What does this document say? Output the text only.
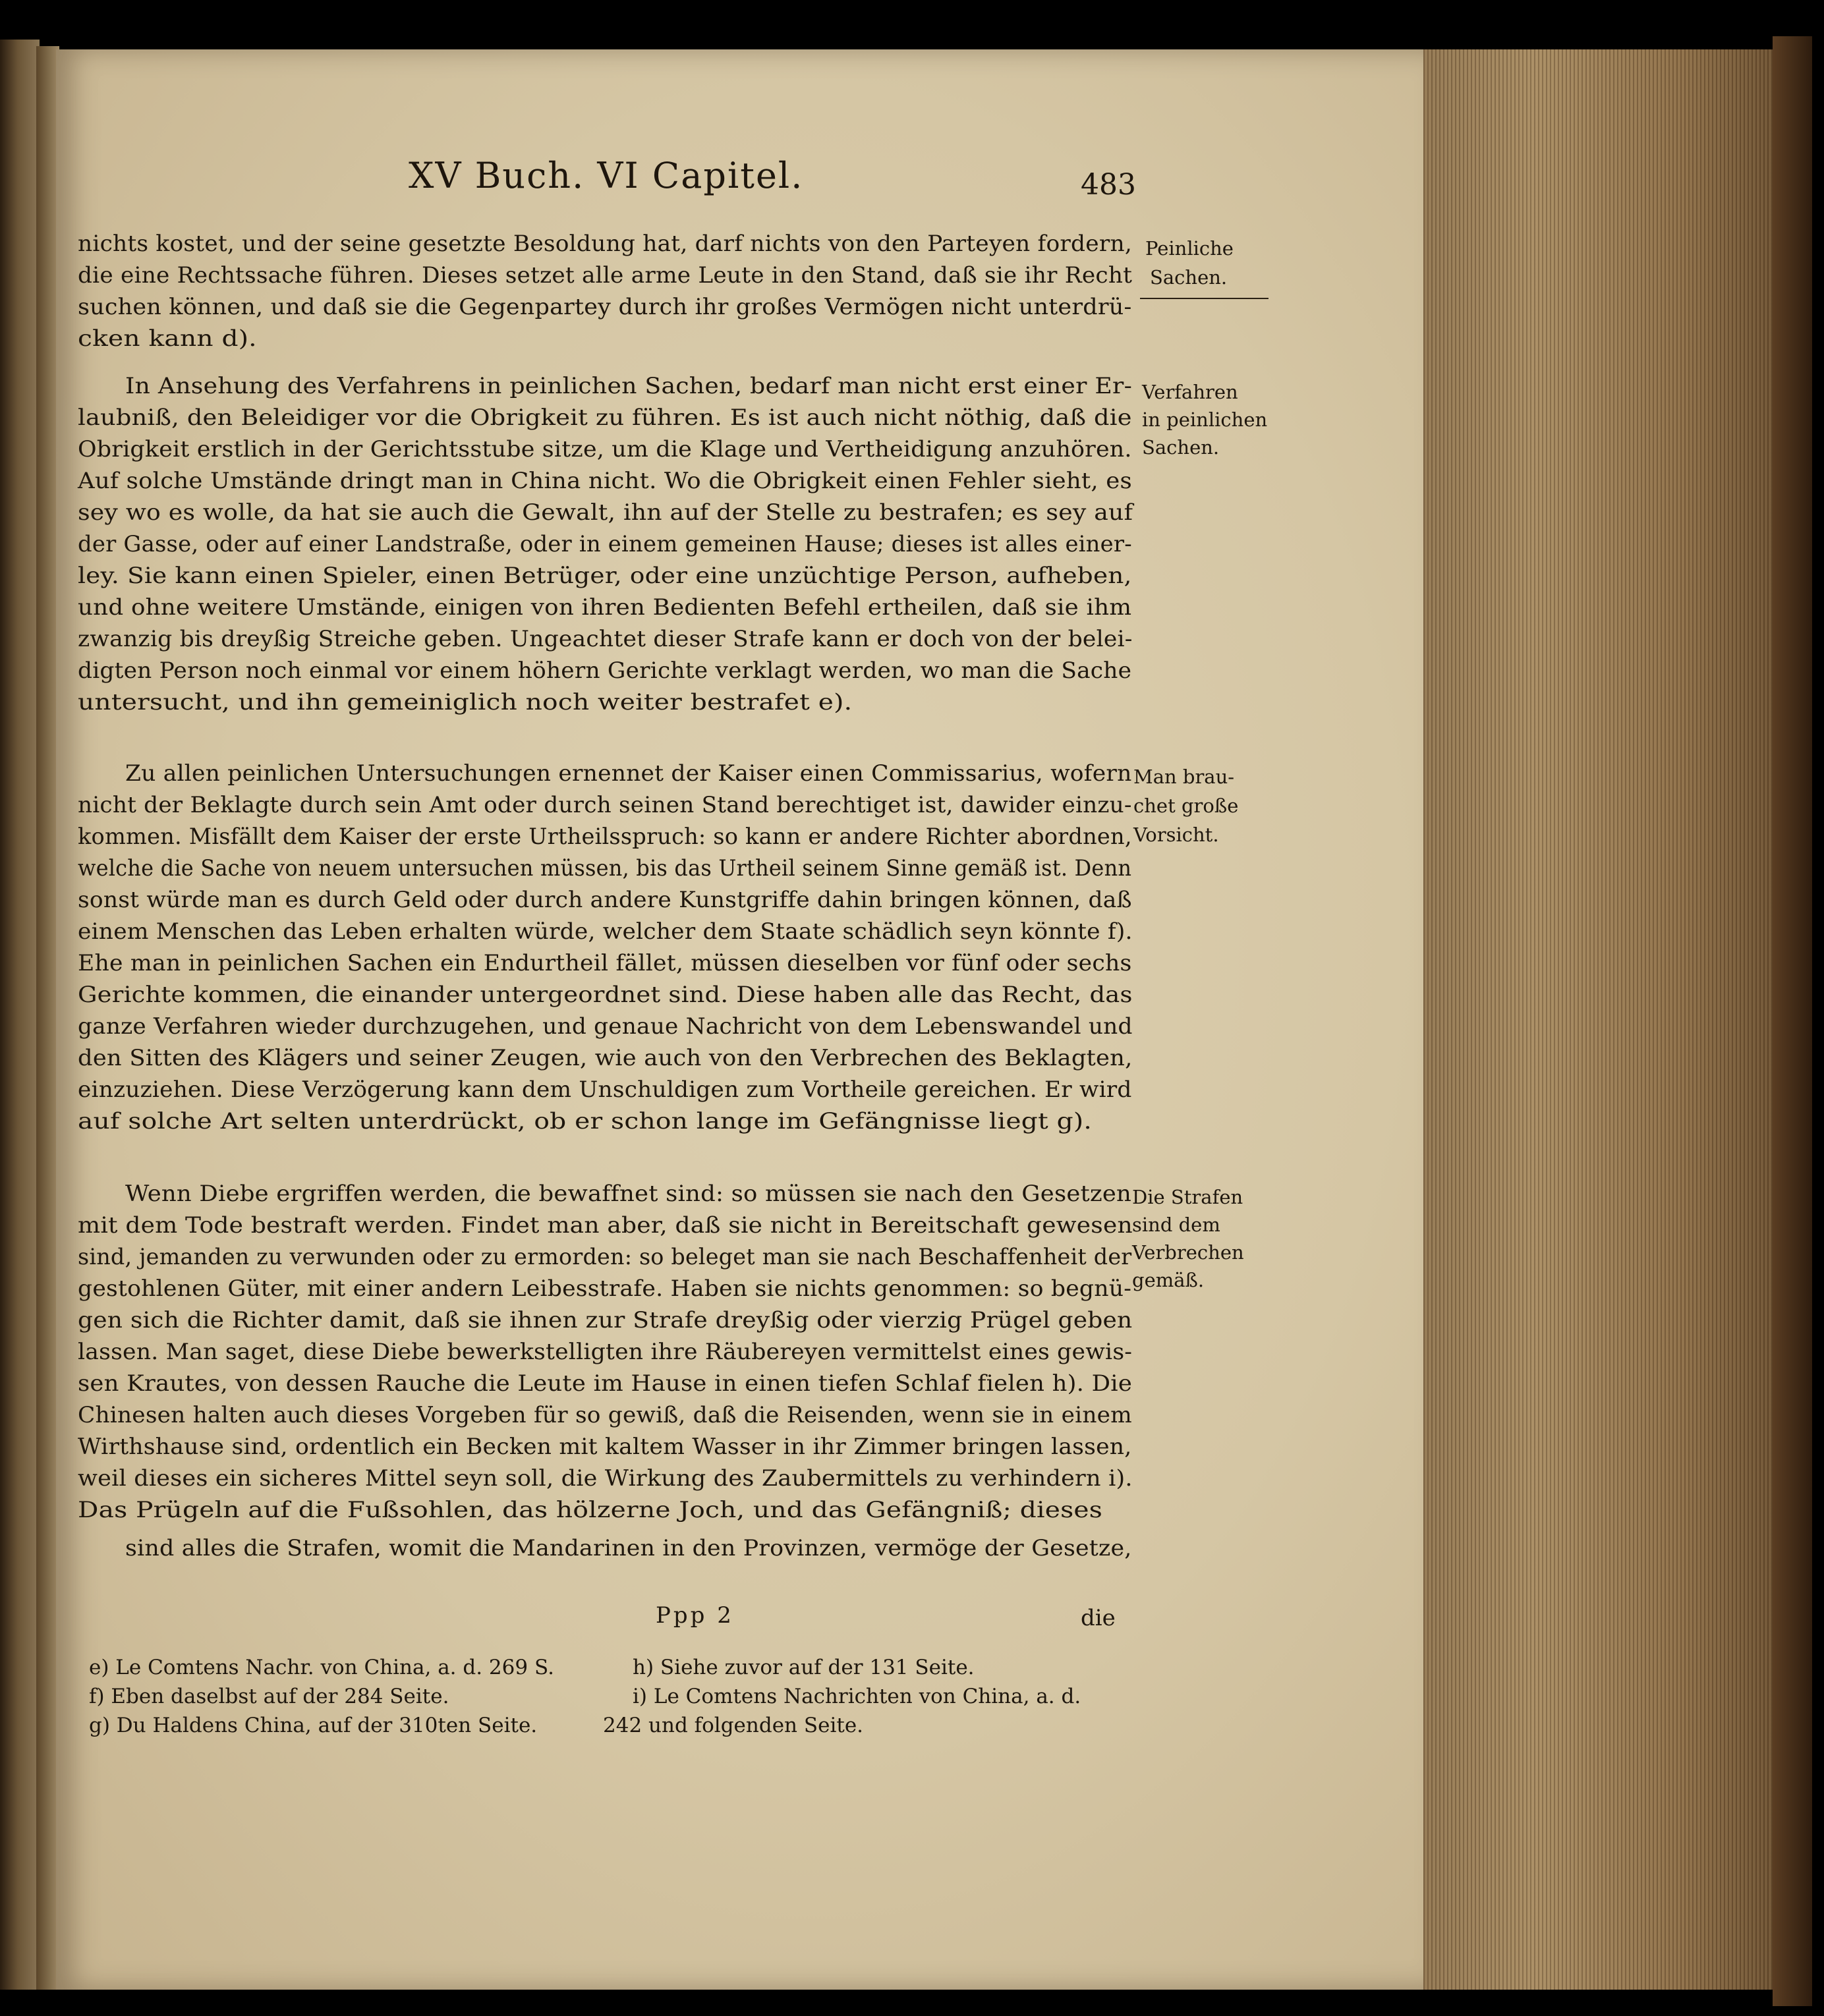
XV Buch. VI Capitel.	483
nichts kostet, und der seine gesetzte Besoldung hat, darf nichts von den Parteyen fordern,
die eine Rechtssache führen. Dieses setzet alle arme Leute in den Stand, daß sie ihr Recht
suchen können, und daß sie die Gegenpartey durch ihr großes Vermögen nicht unterdrü-
cken kann d).
In Ansehung des Verfahrens in peinlichen Sachen, bedarf man nicht erst einer Er-
laubniß, den Beleidiger vor die Obrigkeit zu führen. Es ist auch nicht nöthig, daß die
Obrigkeit erstlich in der Gerichtsstube sitze, um die Klage und Vertheidigung anzuhören.
Auf solche Umstände dringt man in China nicht. Wo die Obrigkeit einen Fehler sieht, es
sey wo es wolle, da hat sie auch die Gewalt, ihn auf der Stelle zu bestrafen; es sey auf
der Gasse, oder auf einer Landstraße, oder in einem gemeinen Hause; dieses ist alles einer-
ley. Sie kann einen Spieler, einen Betrüger, oder eine unzüchtige Person, aufheben,
und ohne weitere Umstände, einigen von ihren Bedienten Befehl ertheilen, daß sie ihm
zwanzig bis dreyßig Streiche geben. Ungeachtet dieser Strafe kann er doch von der belei-
digten Person noch einmal vor einem höhern Gerichte verklagt werden, wo man die Sache
untersucht, und ihn gemeiniglich noch weiter bestrafet e).
Zu allen peinlichen Untersuchungen ernennet der Kaiser einen Commissarius, wofern
nicht der Beklagte durch sein Amt oder durch seinen Stand berechtiget ist, dawider einzu-
kommen. Misfällt dem Kaiser der erste Urtheilsspruch: so kann er andere Richter abordnen,
welche die Sache von neuem untersuchen müssen, bis das Urtheil seinem Sinne gemäß ist. Denn
sonst würde man es durch Geld oder durch andere Kunstgriffe dahin bringen können, daß
einem Menschen das Leben erhalten würde, welcher dem Staate schädlich seyn könnte f).
Ehe man in peinlichen Sachen ein Endurtheil fället, müssen dieselben vor fünf oder sechs
Gerichte kommen, die einander untergeordnet sind. Diese haben alle das Recht, das
ganze Verfahren wieder durchzugehen, und genaue Nachricht von dem Lebenswandel und
den Sitten des Klägers und seiner Zeugen, wie auch von den Verbrechen des Beklagten,
einzuziehen. Diese Verzögerung kann dem Unschuldigen zum Vortheile gereichen. Er wird
auf solche Art selten unterdrückt, ob er schon lange im Gefängnisse liegt g).
Wenn Diebe ergriffen werden, die bewaffnet sind: so müssen sie nach den Gesetzen
mit dem Tode bestraft werden. Findet man aber, daß sie nicht in Bereitschaft gewesen
sind, jemanden zu verwunden oder zu ermorden: so beleget man sie nach Beschaffenheit der
gestohlenen Güter, mit einer andern Leibesstrafe. Haben sie nichts genommen: so begnü-
gen sich die Richter damit, daß sie ihnen zur Strafe dreyßig oder vierzig Prügel geben
lassen. Man saget, diese Diebe bewerkstelligten ihre Räubereyen vermittelst eines gewis-
sen Krautes, von dessen Rauche die Leute im Hause in einen tiefen Schlaf fielen h). Die
Chinesen halten auch dieses Vorgeben für so gewiß, daß die Reisenden, wenn sie in einem
Wirthshause sind, ordentlich ein Becken mit kaltem Wasser in ihr Zimmer bringen lassen,
weil dieses ein sicheres Mittel seyn soll, die Wirkung des Zaubermittels zu verhindern i).
Das Prügeln auf die Fußsohlen, das hölzerne Joch, und das Gefängniß; dieses
sind alles die Strafen, womit die Mandarinen in den Provinzen, vermöge der Gesetze,
Ppp 2	die
Peinliche
Sachen.
Verfahren
in peinlichen
Sachen.
Man brau-
chet große
Vorsicht.
Die Strafen
sind dem
Verbrechen
gemäß.
e) Le Comtens Nachr. von China, a. d. 269 S.
f) Eben daselbst auf der 284 Seite.
g) Du Haldens China, auf der 310ten Seite.
h) Siehe zuvor auf der 131 Seite.
i) Le Comtens Nachrichten von China, a. d.
242 und folgenden Seite.
